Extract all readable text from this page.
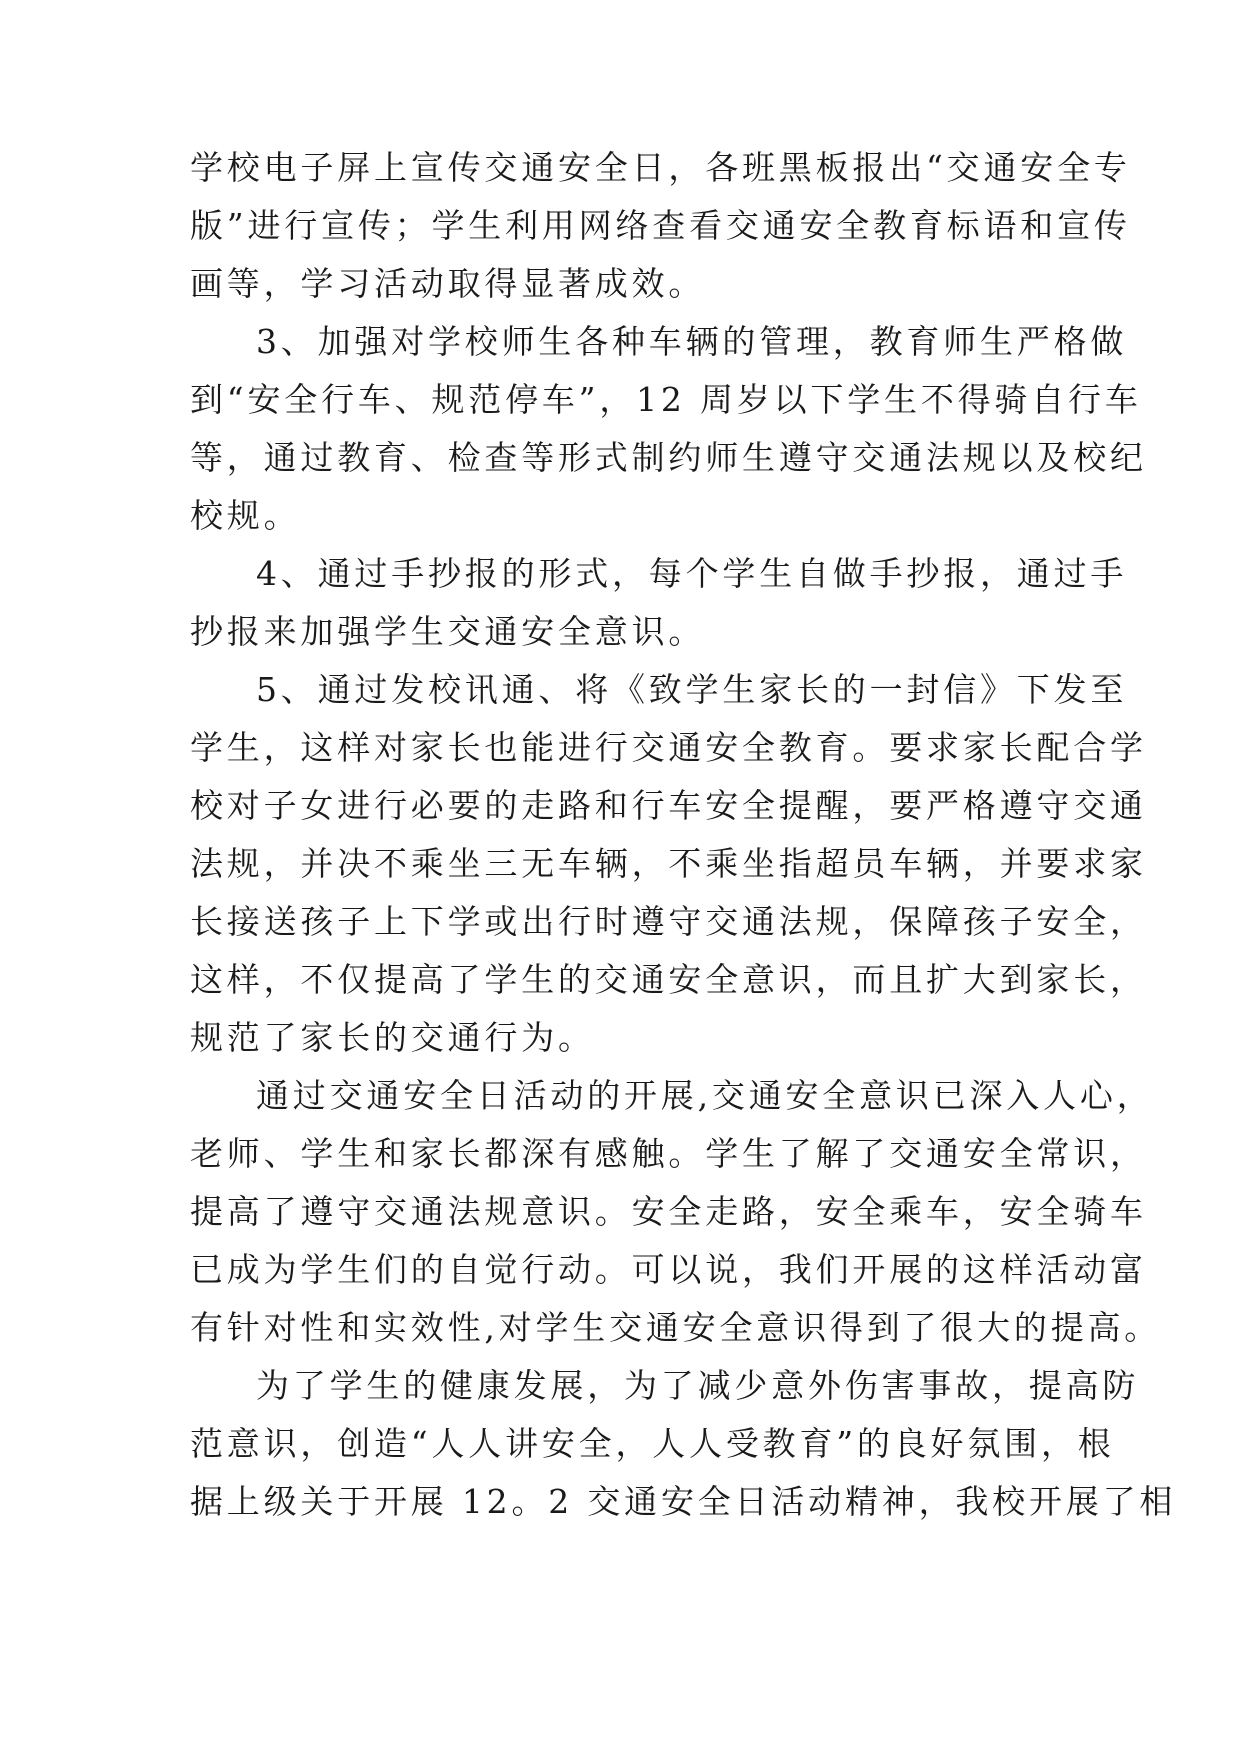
学校电子屏上宣传交通安全日，各班黑板报出“交通安全专
版”进行宣传；学生利用网络查看交通安全教育标语和宣传
画等，学习活动取得显著成效。
3、加强对学校师生各种车辆的管理，教育师生严格做
到“安全行车、规范停车”，12 周岁以下学生不得骑自行车
等，通过教育、检查等形式制约师生遵守交通法规以及校纪
校规。
4、通过手抄报的形式，每个学生自做手抄报，通过手
抄报来加强学生交通安全意识。
5、通过发校讯通、将《致学生家长的一封信》下发至
学生，这样对家长也能进行交通安全教育。要求家长配合学
校对子女进行必要的走路和行车安全提醒，要严格遵守交通
法规，并决不乘坐三无车辆，不乘坐指超员车辆，并要求家
长接送孩子上下学或出行时遵守交通法规，保障孩子安全，
这样，不仅提高了学生的交通安全意识，而且扩大到家长，
规范了家长的交通行为。
通过交通安全日活动的开展,交通安全意识已深入人心，
老师、学生和家长都深有感触。学生了解了交通安全常识，
提高了遵守交通法规意识。安全走路，安全乘车，安全骑车
已成为学生们的自觉行动。可以说，我们开展的这样活动富
有针对性和实效性,对学生交通安全意识得到了很大的提高。
为了学生的健康发展，为了减少意外伤害事故，提高防
范意识，创造“人人讲安全，人人受教育”的良好氛围，根
据上级关于开展 12。2 交通安全日活动精神，我校开展了相
